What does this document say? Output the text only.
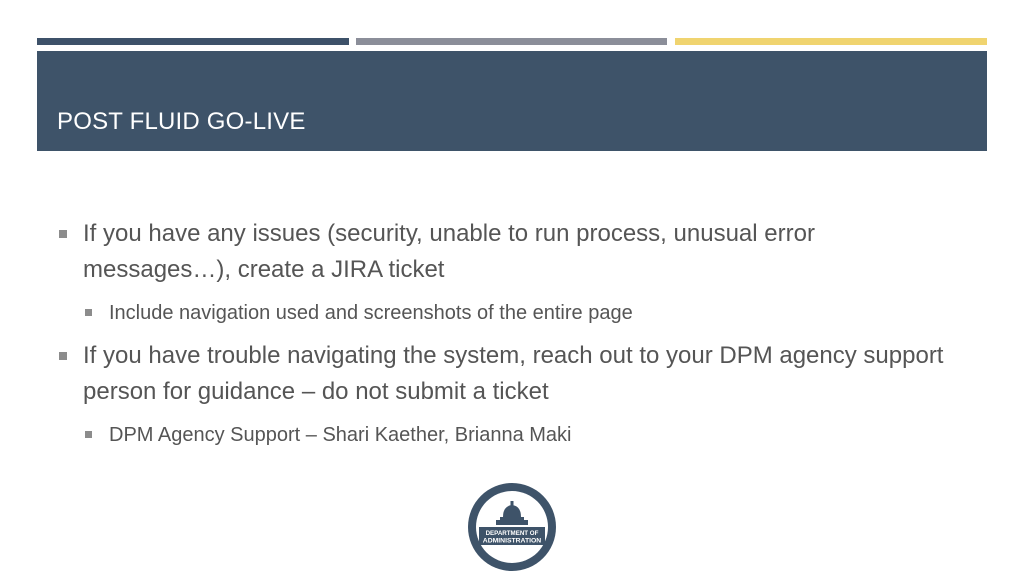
POST FLUID GO-LIVE
If you have any issues (security, unable to run process, unusual error messages…), create a JIRA ticket
Include navigation used and screenshots of the entire page
If you have trouble navigating the system, reach out to your DPM agency support person for guidance – do not submit a ticket
DPM Agency Support – Shari Kaether, Brianna Maki
WISCONSIN
DEPARTMENT OF
ADMINISTRATION
DOA.WI.GOV
